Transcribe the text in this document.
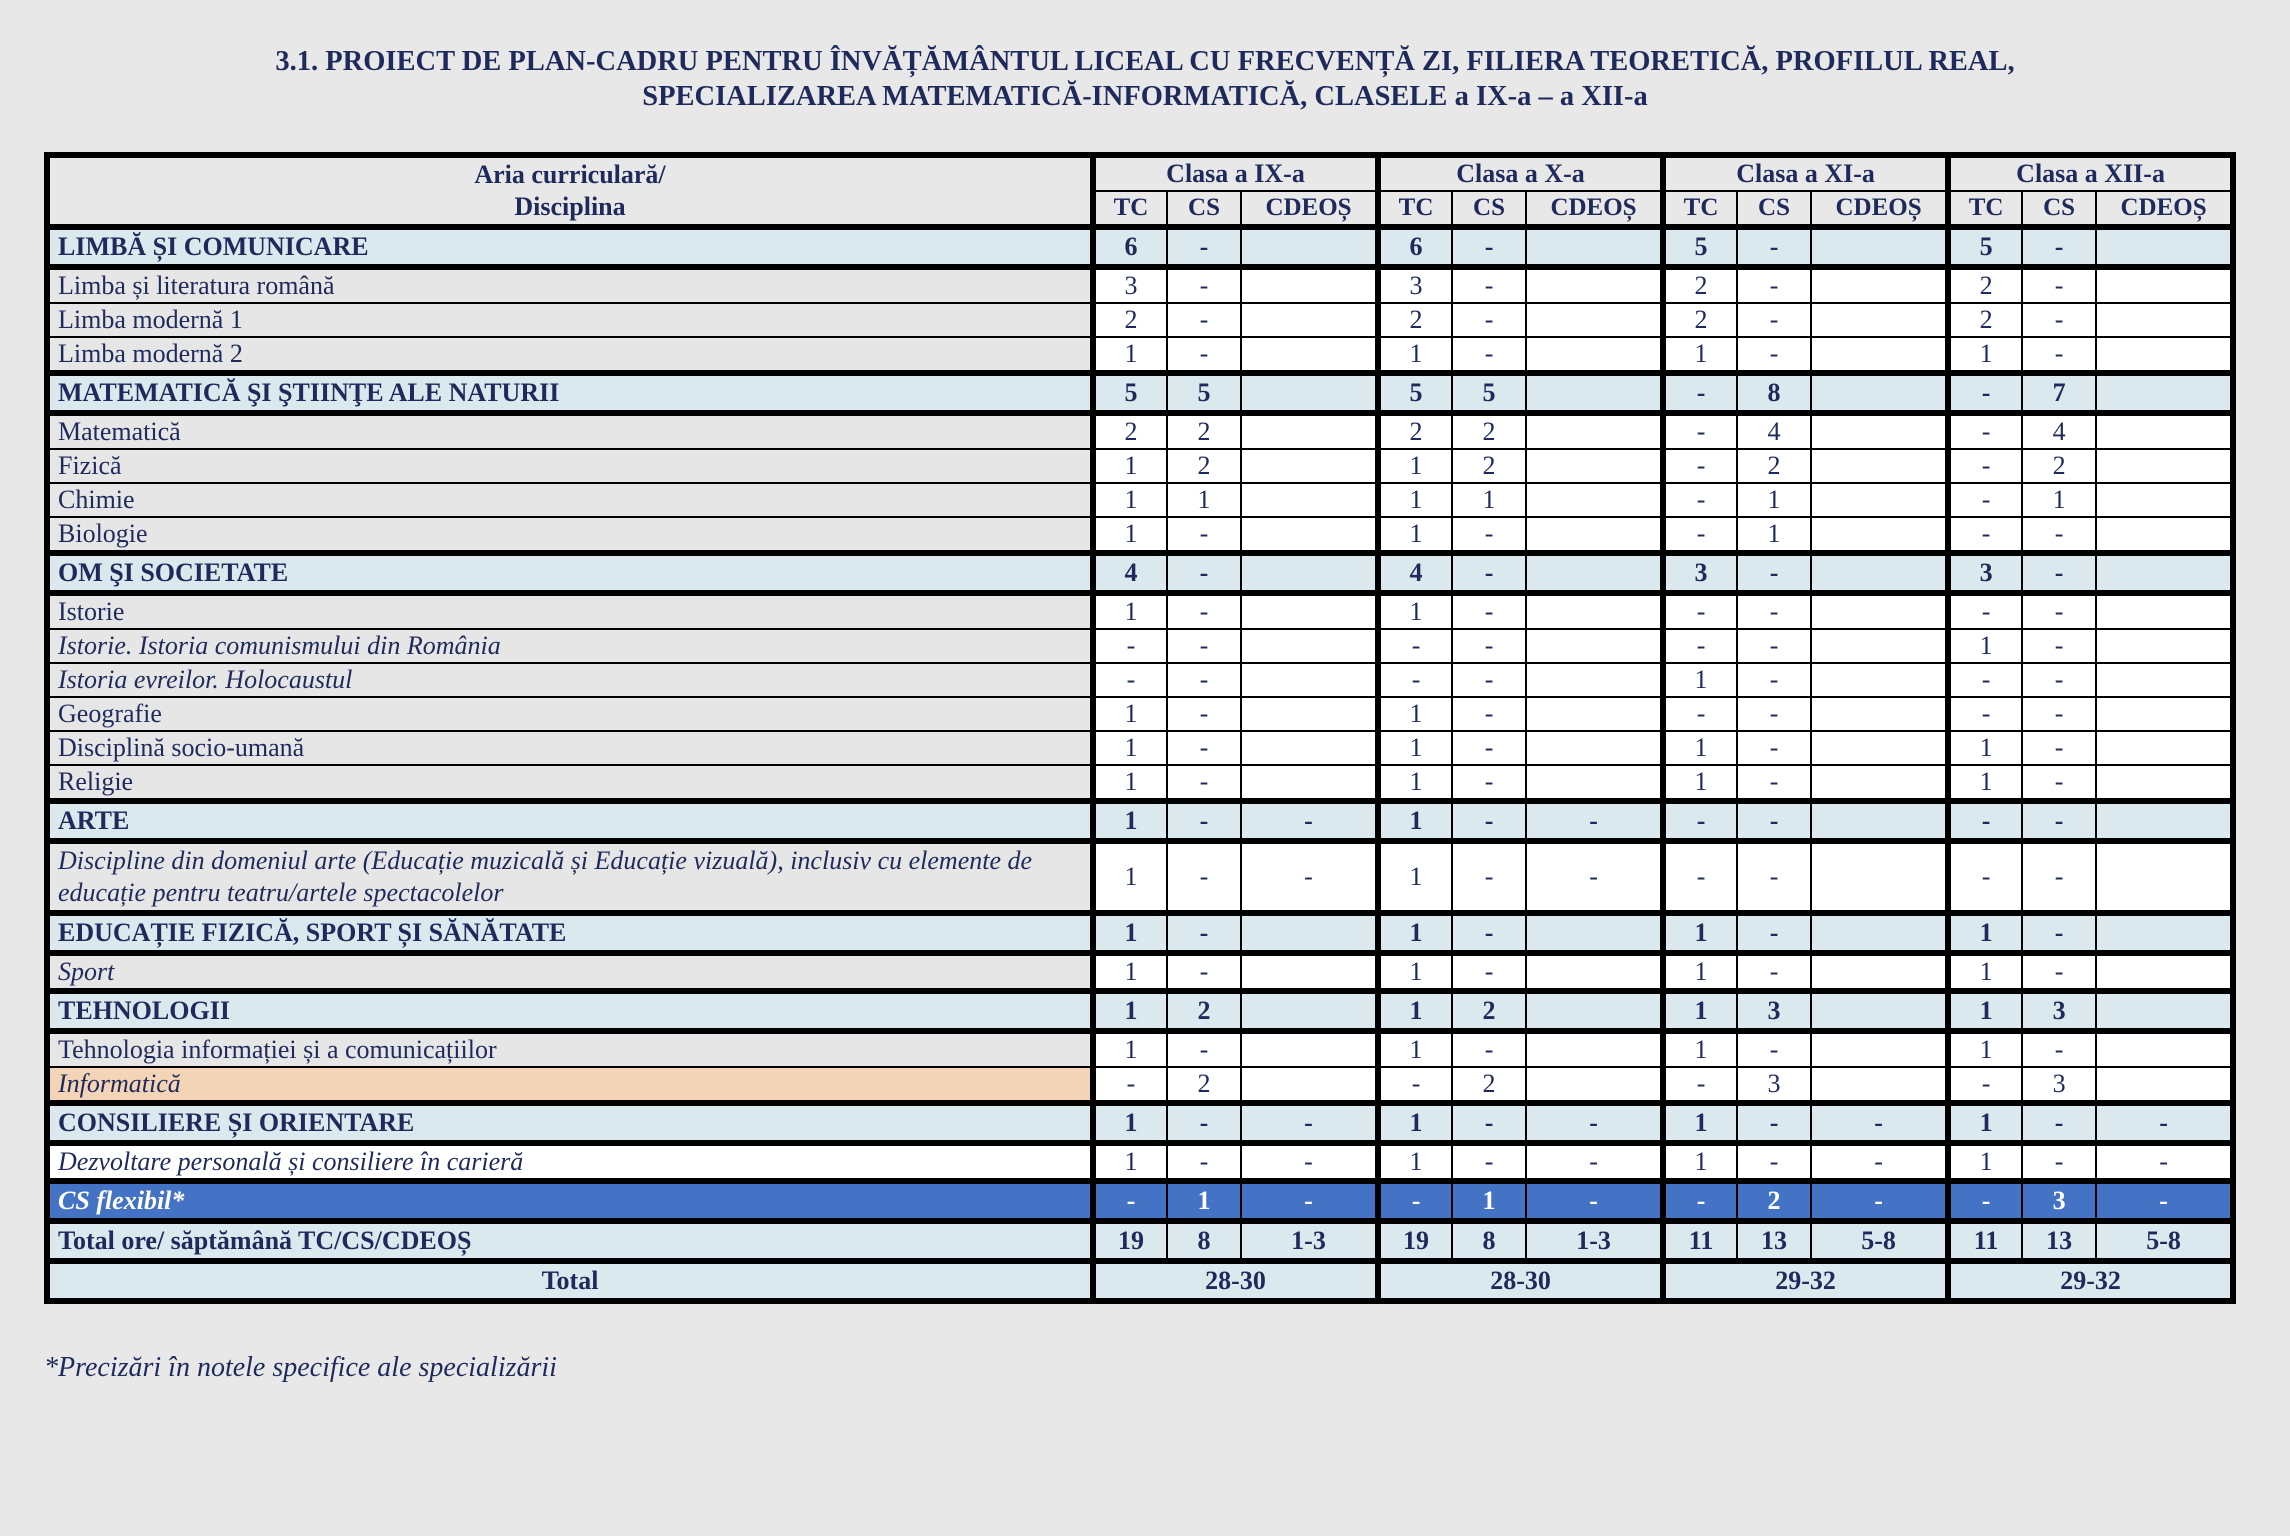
3.1. PROIECT DE PLAN-CADRU PENTRU ÎNVĂȚĂMÂNTUL LICEAL CU FRECVENȚĂ ZI, FILIERA TEORETICĂ, PROFILUL REAL,
SPECIALIZAREA MATEMATICĂ-INFORMATICĂ, CLASELE a IX-a – a XII-a
Aria curriculară/
Disciplina	Clasa a IX-a			Clasa a X-a			Clasa a XI-a			Clasa a XII-a		
	TC	CS	CDEOȘ	TC	CS	CDEOȘ	TC	CS	CDEOȘ	TC	CS	CDEOȘ
LIMBĂ ȘI COMUNICARE	6	-		6	-		5	-		5	-	
Limba și literatura română	3	-		3	-		2	-		2	-	
Limba modernă 1	2	-		2	-		2	-		2	-	
Limba modernă 2	1	-		1	-		1	-		1	-	
MATEMATICĂ ŞI ŞTIINŢE ALE NATURII	5	5		5	5		-	8		-	7	
Matematică	2	2		2	2		-	4		-	4	
Fizică	1	2		1	2		-	2		-	2	
Chimie	1	1		1	1		-	1		-	1	
Biologie	1	-		1	-		-	1		-	-	
OM ŞI SOCIETATE	4	-		4	-		3	-		3	-	
Istorie	1	-		1	-		-	-		-	-	
Istorie. Istoria comunismului din România	-	-		-	-		-	-		1	-	
Istoria evreilor. Holocaustul	-	-		-	-		1	-		-	-	
Geografie	1	-		1	-		-	-		-	-	
Disciplină socio-umană	1	-		1	-		1	-		1	-	
Religie	1	-		1	-		1	-		1	-	
ARTE	1	-	-	1	-	-	-	-		-	-	
Discipline din domeniul arte (Educație muzicală și Educație vizuală), inclusiv cu elemente de educație pentru teatru/artele spectacolelor	1	-	-	1	-	-	-	-		-	-	
EDUCAȚIE FIZICĂ, SPORT ȘI SĂNĂTATE	1	-		1	-		1	-		1	-	
Sport	1	-		1	-		1	-		1	-	
TEHNOLOGII	1	2		1	2		1	3		1	3	
Tehnologia informației și a comunicațiilor	1	-		1	-		1	-		1	-	
Informatică	-	2		-	2		-	3		-	3	
CONSILIERE ȘI ORIENTARE	1	-	-	1	-	-	1	-	-	1	-	-
Dezvoltare personală și consiliere în carieră	1	-	-	1	-	-	1	-	-	1	-	-
CS flexibil*	-	1	-	-	1	-	-	2	-	-	3	-
Total ore/ săptămână TC/CS/CDEOȘ	19	8	1-3	19	8	1-3	11	13	5-8	11	13	5-8
Total	28-30			28-30			29-32			29-32		
*Precizări în notele specifice ale specializării
